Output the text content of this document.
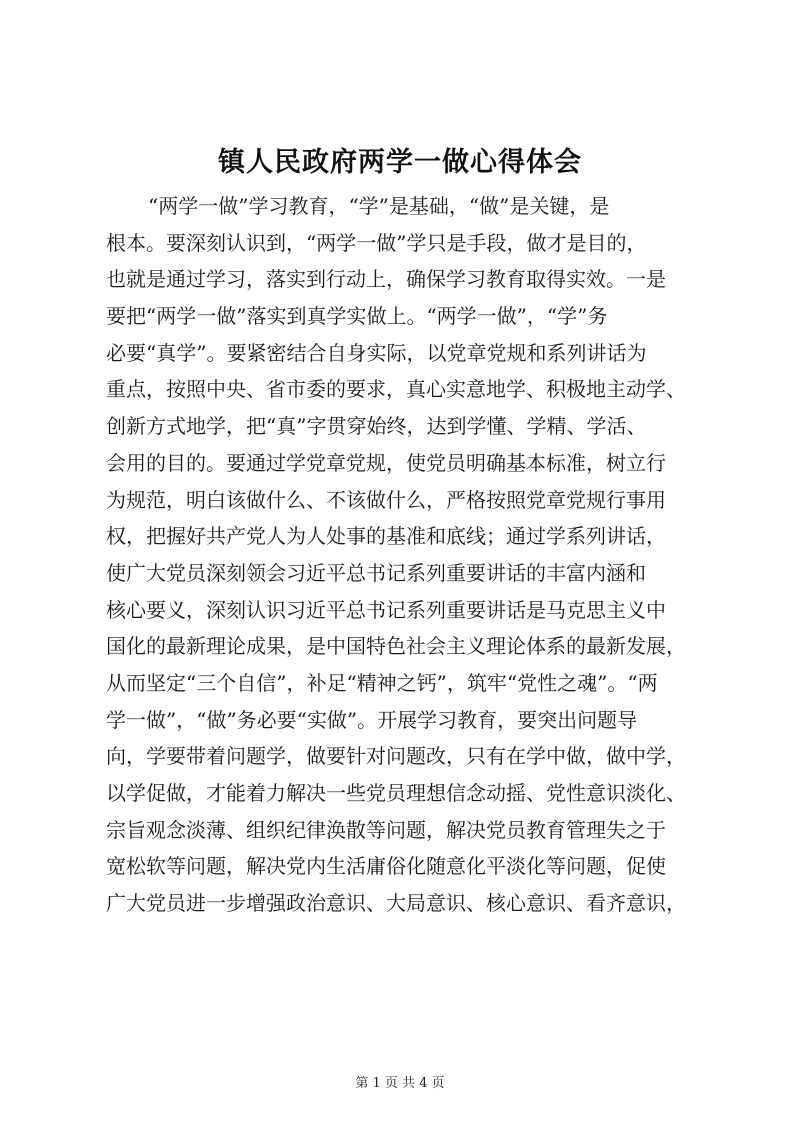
镇人民政府两学一做心得体会
“两学一做”学习教育，“学”是基础，“做”是关键，是
根本。要深刻认识到，“两学一做”学只是手段，做才是目的，
也就是通过学习，落实到行动上，确保学习教育取得实效。一是
要把“两学一做”落实到真学实做上。“两学一做”，“学”务
必要“真学”。要紧密结合自身实际，以党章党规和系列讲话为
重点，按照中央、省市委的要求，真心实意地学、积极地主动学、
创新方式地学，把“真”字贯穿始终，达到学懂、学精、学活、
会用的目的。要通过学党章党规，使党员明确基本标准，树立行
为规范，明白该做什么、不该做什么，严格按照党章党规行事用
权，把握好共产党人为人处事的基准和底线；通过学系列讲话，
使广大党员深刻领会习近平总书记系列重要讲话的丰富内涵和
核心要义，深刻认识习近平总书记系列重要讲话是马克思主义中
国化的最新理论成果，是中国特色社会主义理论体系的最新发展，
从而坚定“三个自信”，补足“精神之钙”，筑牢“党性之魂”。“两
学一做”，“做”务必要“实做”。开展学习教育，要突出问题导
向，学要带着问题学，做要针对问题改，只有在学中做，做中学，
以学促做，才能着力解决一些党员理想信念动摇、党性意识淡化、
宗旨观念淡薄、组织纪律涣散等问题，解决党员教育管理失之于
宽松软等问题，解决党内生活庸俗化随意化平淡化等问题，促使
广大党员进一步增强政治意识、大局意识、核心意识、看齐意识，
第 1 页 共 4 页
